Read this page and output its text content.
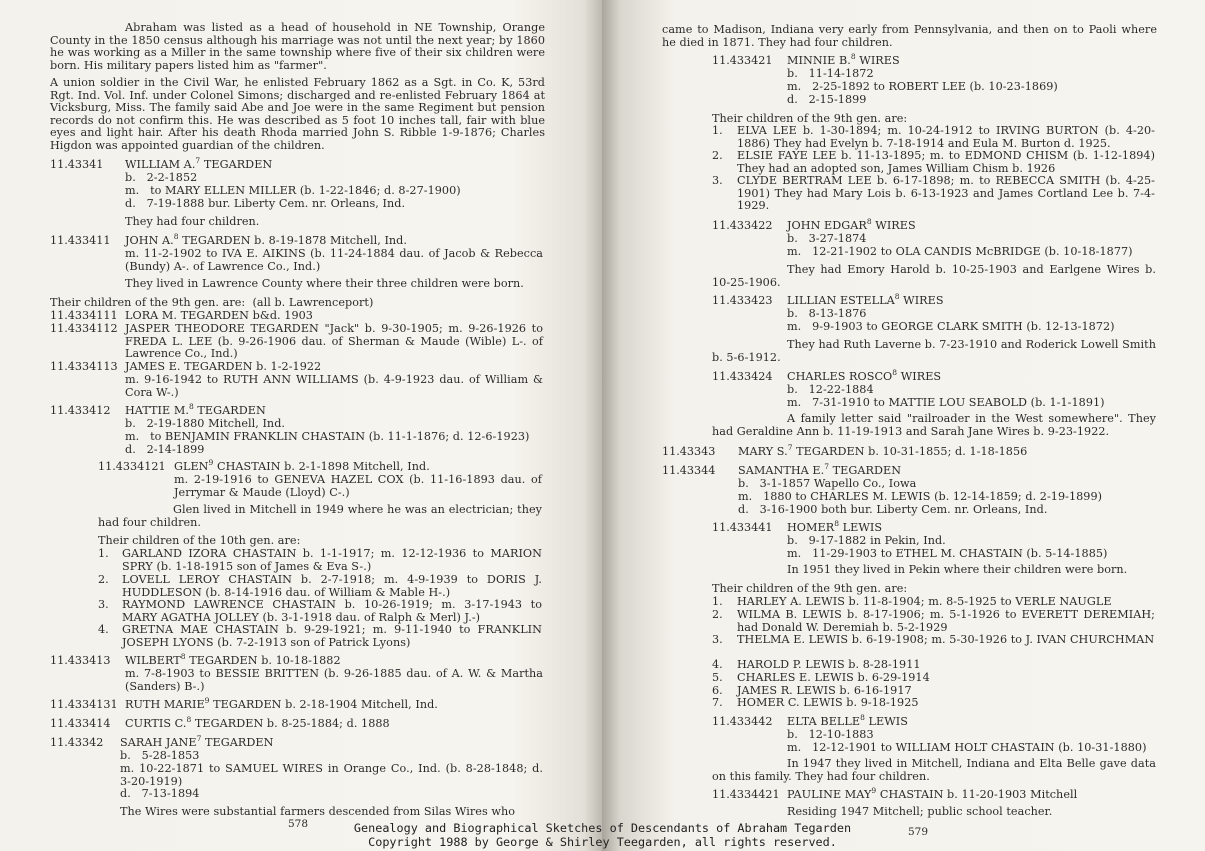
Abraham was listed as a head of household in NE Township, Orange County in the 1850 census although his marriage was not until the next year; by 1860 he was working as a Miller in the same township where five of their six children were born. His military papers listed him as "farmer".
A union soldier in the Civil War, he enlisted February 1862 as a Sgt. in Co. K, 53rd Rgt. Ind. Vol. Inf. under Colonel Simons; discharged and re-enlisted February 1864 at Vicksburg, Miss. The family said Abe and Joe were in the same Regiment but pension records do not confirm this. He was described as 5 foot 10 inches tall, fair with blue eyes and light hair. After his death Rhoda married John S. Ribble 1-9-1876; Charles Higdon was appointed guardian of the children.
11.43341 WILLIAM A.$^7$ TEGARDEN
b.   2-2-1852
m.   to MARY ELLEN MILLER (b. 1-22-1846; d. 8-27-1900)
d.   7-19-1888 bur. Liberty Cem. nr. Orleans, Ind.
They had four children.
11.433411 JOHN A.$^8$ TEGARDEN b. 8-19-1878 Mitchell, Ind.
m. 11-2-1902 to IVA E. AIKINS (b. 11-24-1884 dau. of Jacob & Rebecca (Bundy) A-. of Lawrence Co., Ind.)
They lived in Lawrence County where their three children were born.
Their children of the 9th gen. are:  (all b. Lawrenceport)
11.4334111 LORA M. TEGARDEN b&d. 1903
11.4334112 JASPER THEODORE TEGARDEN "Jack" b. 9-30-1905; m. 9-26-1926 to FREDA L. LEE (b. 9-26-1906 dau. of Sherman & Maude (Wible) L-. of Lawrence Co., Ind.)
11.4334113 JAMES E. TEGARDEN b. 1-2-1922
m. 9-16-1942 to RUTH ANN WILLIAMS (b. 4-9-1923 dau. of William & Cora W-.)
11.433412 HATTIE M.$^8$ TEGARDEN
b.   2-19-1880 Mitchell, Ind.
m.   to BENJAMIN FRANKLIN CHASTAIN (b. 11-1-1876; d. 12-6-1923)
d.   2-14-1899
11.4334121 GLEN$^9$ CHASTAIN b. 2-1-1898 Mitchell, Ind.
m. 2-19-1916 to GENEVA HAZEL COX (b. 11-16-1893 dau. of Jerrymar & Maude (Lloyd) C-.)
Glen lived in Mitchell in 1949 where he was an electrician; they had four children.
Their children of the 10th gen. are:
1. GARLAND IZORA CHASTAIN b. 1-1-1917; m. 12-12-1936 to MARION SPRY (b. 1-18-1915 son of James & Eva S-.)
2. LOVELL LEROY CHASTAIN b. 2-7-1918; m. 4-9-1939 to DORIS J. HUDDLESON (b. 8-14-1916 dau. of William & Mable H-.)
3. RAYMOND LAWRENCE CHASTAIN b. 10-26-1919; m. 3-17-1943 to MARY AGATHA JOLLEY (b. 3-1-1918 dau. of Ralph & Merl) J.-)
4. GRETNA MAE CHASTAIN b. 9-29-1921; m. 9-11-1940 to FRANKLIN JOSEPH LYONS (b. 7-2-1913 son of Patrick Lyons)
11.433413 WILBERT$^8$ TEGARDEN b. 10-18-1882
m. 7-8-1903 to BESSIE BRITTEN (b. 9-26-1885 dau. of A. W. & Martha (Sanders) B-.)
11.4334131 RUTH MARIE$^9$ TEGARDEN b. 2-18-1904 Mitchell, Ind.
11.433414 CURTIS C.$^8$ TEGARDEN b. 8-25-1884; d. 1888
11.43342 SARAH JANE$^7$ TEGARDEN
b.   5-28-1853
m. 10-22-1871 to SAMUEL WIRES in Orange Co., Ind. (b. 8-28-1848; d. 3-20-1919)
d.   7-13-1894
The Wires were substantial farmers descended from Silas Wires who
578
came to Madison, Indiana very early from Pennsylvania, and then on to Paoli where he died in 1871. They had four children.
11.433421 MINNIE B.$^8$ WIRES
b.   11-14-1872
m.   2-25-1892 to ROBERT LEE (b. 10-23-1869)
d.   2-15-1899
Their children of the 9th gen. are:
1. ELVA LEE b. 1-30-1894; m. 10-24-1912 to IRVING BURTON (b. 4-20-1886) They had Evelyn b. 7-18-1914 and Eula M. Burton d. 1925.
2. ELSIE FAYE LEE b. 11-13-1895; m. to EDMOND CHISM (b. 1-12-1894) They had an adopted son, James William Chism b. 1926
3. CLYDE BERTRAM LEE b. 6-17-1898; m. to REBECCA SMITH (b. 4-25-1901) They had Mary Lois b. 6-13-1923 and James Cortland Lee b. 7-4-1929.
11.433422 JOHN EDGAR$^8$ WIRES
b.   3-27-1874
m.   12-21-1902 to OLA CANDIS McBRIDGE (b. 10-18-1877)
They had Emory Harold b. 10-25-1903 and Earlgene Wires b. 10-25-1906.
11.433423 LILLIAN ESTELLA$^8$ WIRES
b.   8-13-1876
m.   9-9-1903 to GEORGE CLARK SMITH (b. 12-13-1872)
They had Ruth Laverne b. 7-23-1910 and Roderick Lowell Smith b. 5-6-1912.
11.433424 CHARLES ROSCO$^8$ WIRES
b.   12-22-1884
m.   7-31-1910 to MATTIE LOU SEABOLD (b. 1-1-1891)
A family letter said "railroader in the West somewhere". They had Geraldine Ann b. 11-19-1913 and Sarah Jane Wires b. 9-23-1922.
11.43343 MARY S.$^7$ TEGARDEN b. 10-31-1855; d. 1-18-1856
11.43344 SAMANTHA E.$^7$ TEGARDEN
b.   3-1-1857 Wapello Co., Iowa
m.   1880 to CHARLES M. LEWIS (b. 12-14-1859; d. 2-19-1899)
d.   3-16-1900 both bur. Liberty Cem. nr. Orleans, Ind.
11.433441 HOMER$^8$ LEWIS
b.   9-17-1882 in Pekin, Ind.
m.   11-29-1903 to ETHEL M. CHASTAIN (b. 5-14-1885)
In 1951 they lived in Pekin where their children were born.
Their children of the 9th gen. are:
1. HARLEY A. LEWIS b. 11-8-1904; m. 8-5-1925 to VERLE NAUGLE
2. WILMA B. LEWIS b. 8-17-1906; m. 5-1-1926 to EVERETT DEREMIAH; had Donald W. Deremiah b. 5-2-1929
3. THELMA E. LEWIS b. 6-19-1908; m. 5-30-1926 to J. IVAN CHURCHMAN
4. HAROLD P. LEWIS b. 8-28-1911
5. CHARLES E. LEWIS b. 6-29-1914
6. JAMES R. LEWIS b. 6-16-1917
7. HOMER C. LEWIS b. 9-18-1925
11.433442 ELTA BELLE$^8$ LEWIS
b.   12-10-1883
m.   12-12-1901 to WILLIAM HOLT CHASTAIN (b. 10-31-1880)
In 1947 they lived in Mitchell, Indiana and Elta Belle gave data on this family. They had four children.
11.4334421 PAULINE MAY$^9$ CHASTAIN b. 11-20-1903 Mitchell
Residing 1947 Mitchell; public school teacher.
579
Genealogy and Biographical Sketches of Descendants of Abraham Tegarden
Copyright 1988 by George & Shirley Teegarden, all rights reserved.
